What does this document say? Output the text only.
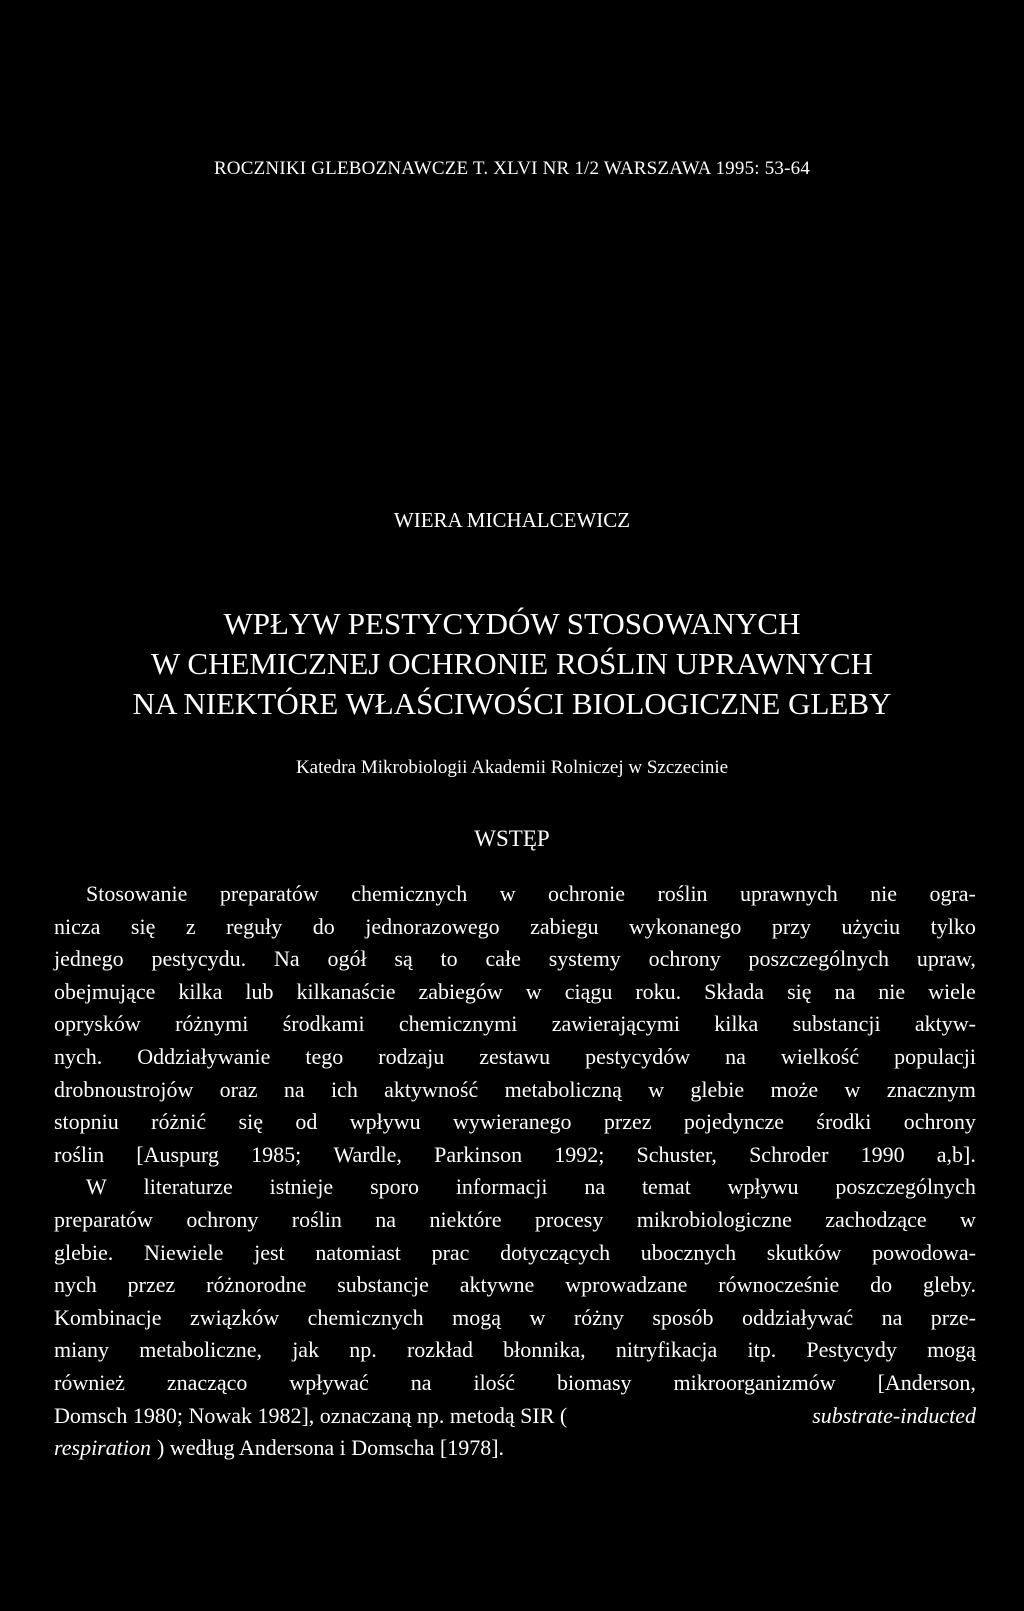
ROCZNIKI GLEBOZNAWCZE T. XLVI NR 1/2 WARSZAWA 1995: 53-64
WIERA MICHALCEWICZ
WPŁYW PESTYCYDÓW STOSOWANYCH
W CHEMICZNEJ OCHRONIE ROŚLIN UPRAWNYCH
NA NIEKTÓRE WŁAŚCIWOŚCI BIOLOGICZNE GLEBY
Katedra Mikrobiologii Akademii Rolniczej w Szczecinie
WSTĘP
Stosowanie preparatów chemicznych w ochronie roślin uprawnych nie ogra-
nicza się z reguły do jednorazowego zabiegu wykonanego przy użyciu tylko
jednego pestycydu. Na ogół są to całe systemy ochrony poszczególnych upraw,
obejmujące kilka lub kilkanaście zabiegów w ciągu roku. Składa się na nie wiele
oprysków różnymi środkami chemicznymi zawierającymi kilka substancji aktyw-
nych. Oddziaływanie tego rodzaju zestawu pestycydów na wielkość populacji
drobnoustrojów oraz na ich aktywność metaboliczną w glebie może w znacznym
stopniu różnić się od wpływu wywieranego przez pojedyncze środki ochrony
roślin [Auspurg 1985; Wardle, Parkinson 1992; Schuster, Schroder 1990 a,b].
W literaturze istnieje sporo informacji na temat wpływu poszczególnych
preparatów ochrony roślin na niektóre procesy mikrobiologiczne zachodzące w
glebie. Niewiele jest natomiast prac dotyczących ubocznych skutków powodowa-
nych przez różnorodne substancje aktywne wprowadzane równocześnie do gleby.
Kombinacje związków chemicznych mogą w różny sposób oddziaływać na prze-
miany metaboliczne, jak np. rozkład błonnika, nitryfikacja itp. Pestycydy mogą
również znacząco wpływać na ilość biomasy mikroorganizmów [Anderson,
Domsch 1980; Nowak 1982], oznaczaną np. metodą SIR (	substrate-inducted
respiration ) według Andersona i Domscha [1978].
